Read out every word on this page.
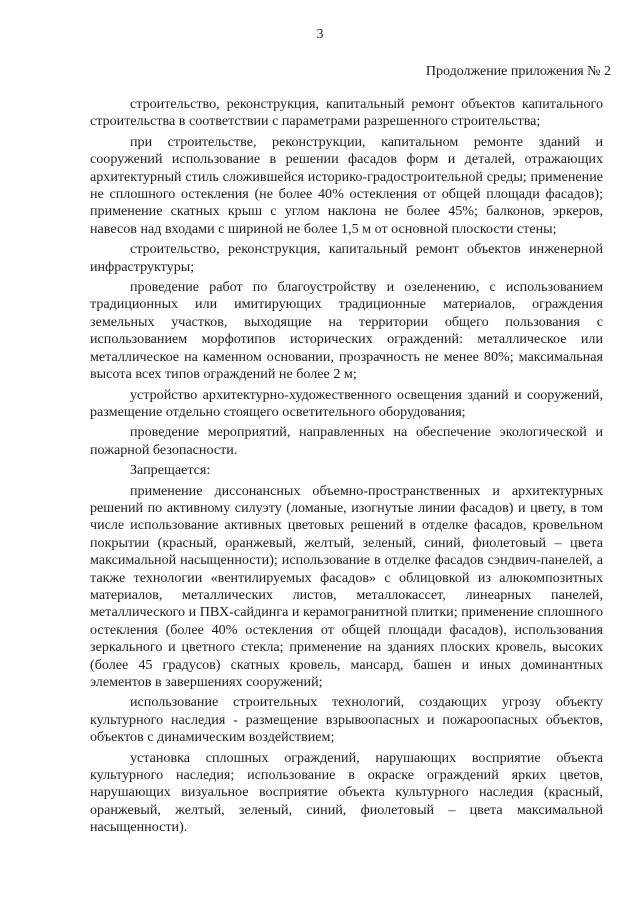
3
Продолжение приложения № 2

строительство, реконструкция, капитальный ремонт объектов капитального строительства в соответствии с параметрами разрешенного строительства;

при строительстве, реконструкции, капитальном ремонте зданий и сооружений использование в решении фасадов форм и деталей, отражающих архитектурный стиль сложившейся историко-градостроительной среды; применение не сплошного остекления (не более 40% остекления от общей площади фасадов); применение скатных крыш с углом наклона не более 45%; балконов, эркеров, навесов над входами с шириной не более 1,5 м от основной плоскости стены;

строительство, реконструкция, капитальный ремонт объектов инженерной инфраструктуры;

проведение работ по благоустройству и озеленению, с использованием традиционных или имитирующих традиционные материалов, ограждения земельных участков, выходящие на территории общего пользования с использованием морфотипов исторических ограждений: металлическое или металлическое на каменном основании, прозрачность не менее 80%; максимальная высота всех типов ограждений не более 2 м;

устройство архитектурно-художественного освещения зданий и сооружений, размещение отдельно стоящего осветительного оборудования;

проведение мероприятий, направленных на обеспечение экологической и пожарной безопасности.

Запрещается:

применение диссонансных объемно-пространственных и архитектурных решений по активному силуэту (ломаные, изогнутые линии фасадов) и цвету, в том числе использование активных цветовых решений в отделке фасадов, кровельном покрытии (красный, оранжевый, желтый, зеленый, синий, фиолетовый – цвета максимальной насыщенности); использование в отделке фасадов сэндвич-панелей, а также технологии «вентилируемых фасадов» с облицовкой из алюкомпозитных материалов, металлических листов, металлокассет, линеарных панелей, металлического и ПВХ-сайдинга и керамогранитной плитки; применение сплошного остекления (более 40% остекления от общей площади фасадов), использования зеркального и цветного стекла; применение на зданиях плоских кровель, высоких (более 45 градусов) скатных кровель, мансард, башен и иных доминантных элементов в завершениях сооружений;

использование строительных технологий, создающих угрозу объекту культурного наследия - размещение взрывоопасных и пожароопасных объектов, объектов с динамическим воздействием;

установка сплошных ограждений, нарушающих восприятие объекта культурного наследия; использование в окраске ограждений ярких цветов, нарушающих визуальное восприятие объекта культурного наследия (красный, оранжевый, желтый, зеленый, синий, фиолетовый – цвета максимальной насыщенности).
